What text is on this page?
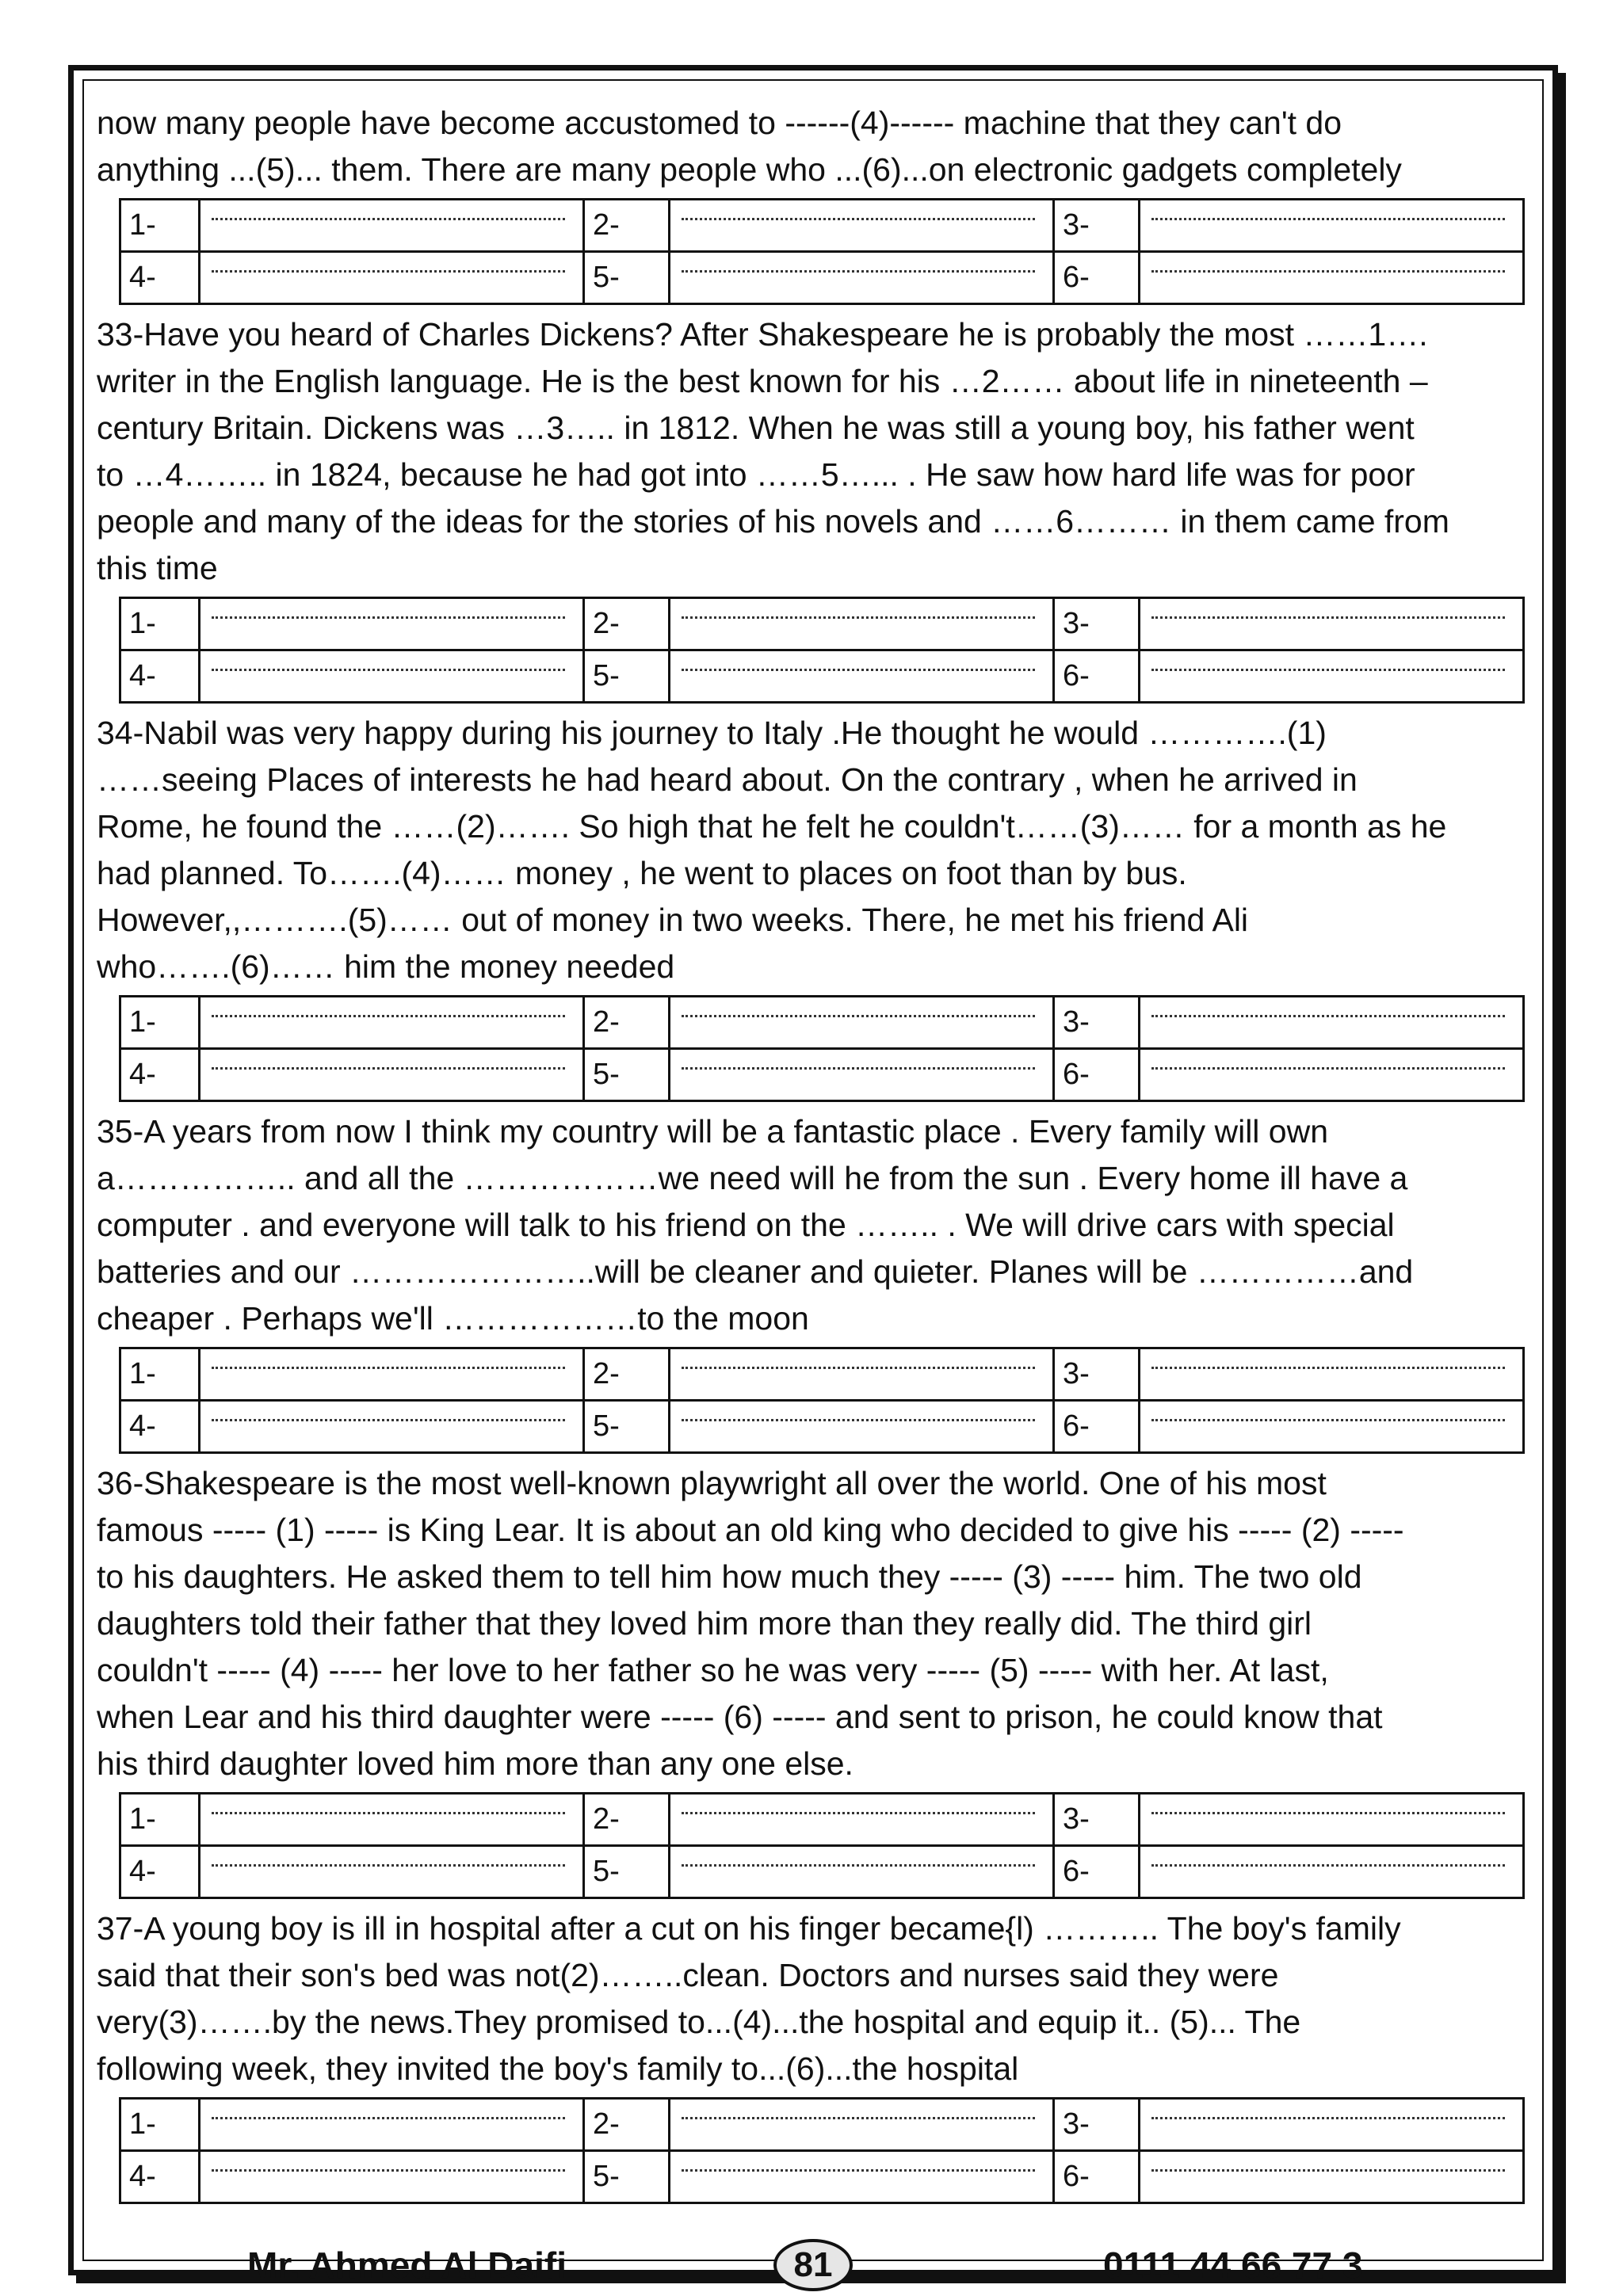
now many people have become accustomed to ------(4)------ machine that they can't do
anything ...(5)... them. There are many people who ...(6)...on electronic gadgets completely
1-		2-		3-	
4-		5-		6-	
33-Have you heard of Charles Dickens? After Shakespeare he is probably the most ……1….
writer in the English language. He is the best known for his …2…… about life in nineteenth –
century Britain. Dickens was …3….. in 1812. When he was still a young boy, his father went
to …4…….. in 1824, because he had got into ……5…... . He saw how hard life was for poor
people and many of the ideas for the stories of his novels and ……6……… in them came from
this time
1-		2-		3-	
4-		5-		6-	
34-Nabil was very happy during his journey to Italy .He thought he would ………….(1)
……seeing Places of interests he had heard about. On the contrary , when he arrived in
Rome, he found the ……(2)……. So high that he felt he couldn't……(3)…… for a month as he
had planned. To…….(4)…… money , he went to places on foot than by bus.
However,,……….(5)…… out of money in two weeks. There, he met his friend Ali
who…….(6)…… him the money needed
1-		2-		3-	
4-		5-		6-	
35-A years from now I think my country will be a fantastic place . Every family will own
a…………….. and all the ………………we need will he from the sun . Every home ill have a
computer . and everyone will talk to his friend on the …….. . We will drive cars with special
batteries and our …………………..will be cleaner and quieter. Planes will be ……………and
cheaper . Perhaps we'll ………………to the moon
1-		2-		3-	
4-		5-		6-	
36-Shakespeare is the most well-known playwright all over the world. One of his most
famous ----- (1) ----- is King Lear. It is about an old king who decided to give his ----- (2) -----
to his daughters. He asked them to tell him how much they ----- (3) ----- him. The two old
daughters told their father that they loved him more than they really did. The third girl
couldn't ----- (4) ----- her love to her father so he was very ----- (5) ----- with her. At last,
when Lear and his third daughter were ----- (6) ----- and sent to prison, he could know that
his third daughter loved him more than any one else.
1-		2-		3-	
4-		5-		6-	
37-A young boy is ill in hospital after a cut on his finger became{l) ……….. The boy's family
said that their son's bed was not(2)……..clean. Doctors and nurses said they were
very(3)…….by the news.They promised to...(4)...the hospital and equip it.. (5)... The
following week, they invited the boy's family to...(6)...the hospital
1-		2-		3-	
4-		5-		6-	
Mr. Ahmed Al Daifi	81	0111 44 66 77 3
